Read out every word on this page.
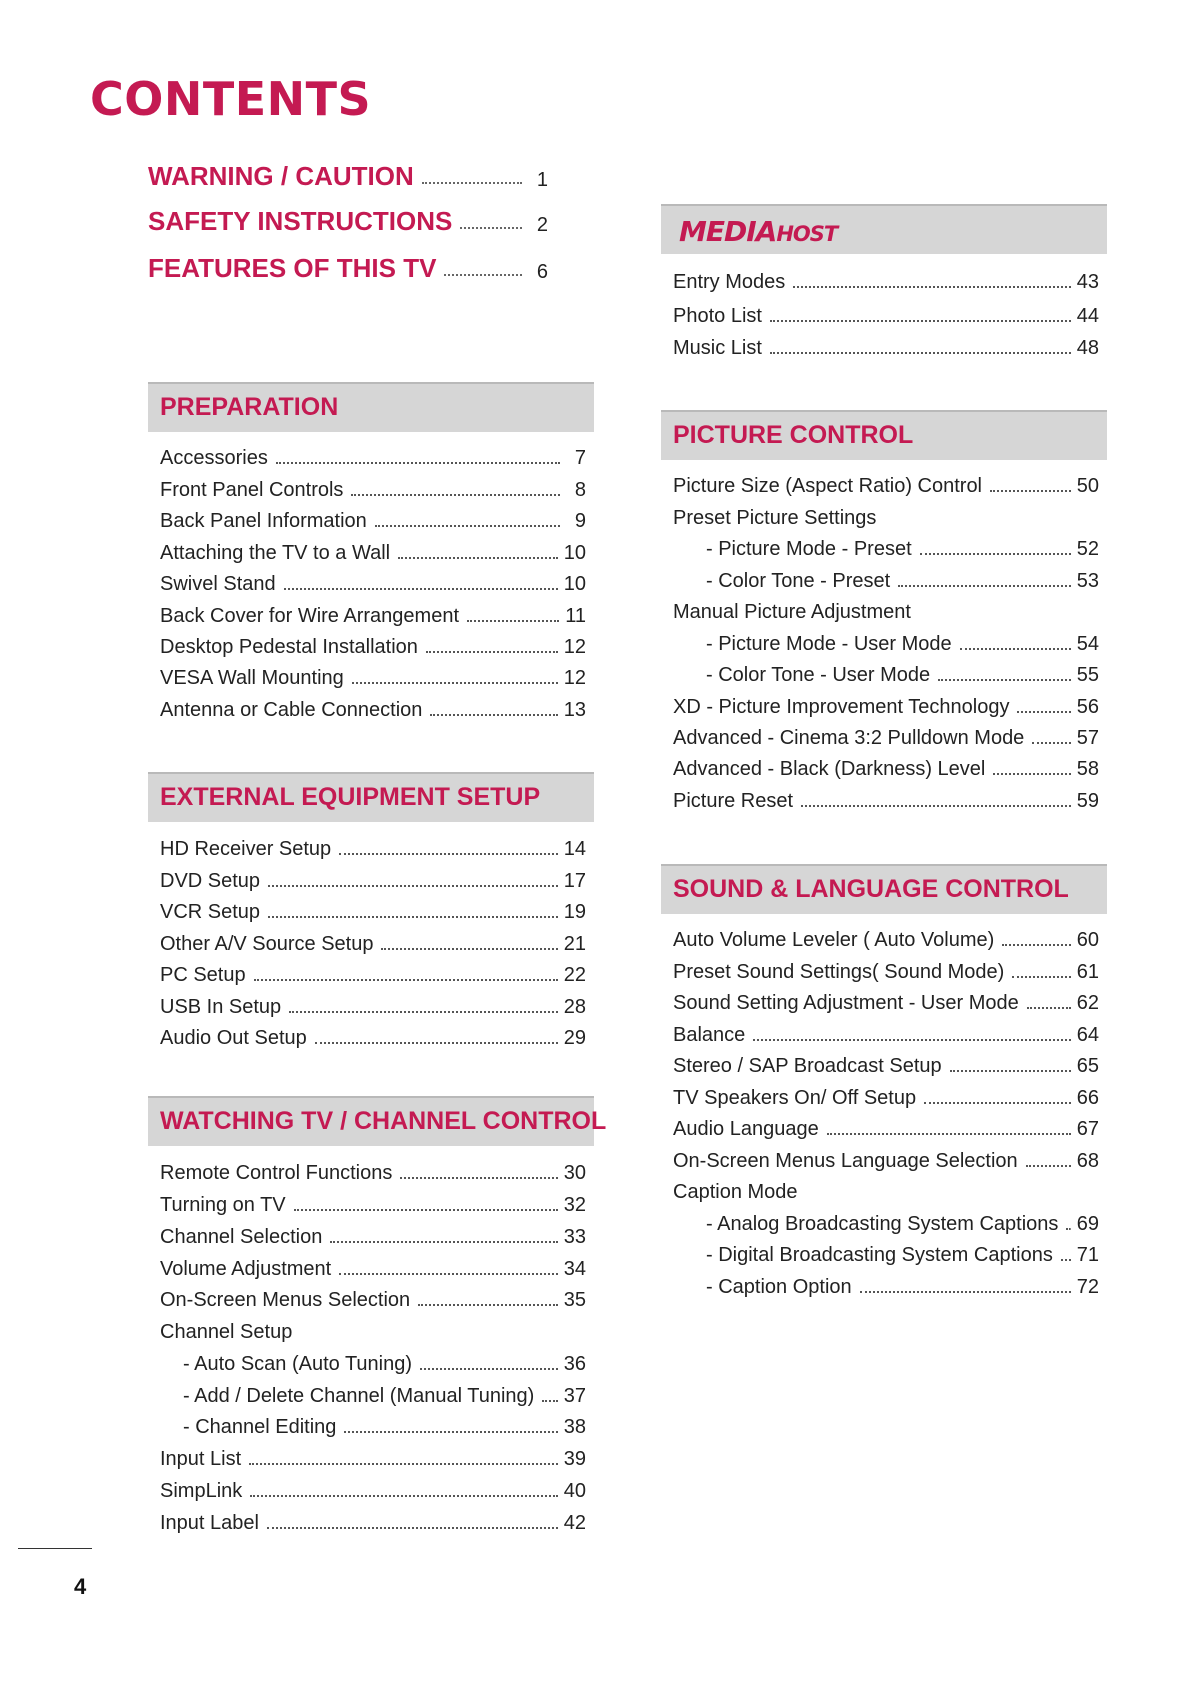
CONTENTS
WARNING / CAUTION	1
SAFETY INSTRUCTIONS	2
FEATURES OF THIS TV	6
PREPARATION
Accessories	7
Front Panel Controls	8
Back Panel Information	9
Attaching the TV to a Wall	10
Swivel Stand	10
Back Cover for Wire Arrangement	11
Desktop Pedestal Installation	12
VESA Wall Mounting	12
Antenna or Cable Connection	13
EXTERNAL EQUIPMENT SETUP
HD Receiver Setup	14
DVD Setup	17
VCR Setup	19
Other A/V Source Setup	21
PC Setup	22
USB In Setup	28
Audio Out Setup	29
WATCHING TV / CHANNEL CONTROL
Remote Control Functions	30
Turning on TV	32
Channel Selection	33
Volume Adjustment	34
On-Screen Menus Selection	35
Channel Setup
- Auto Scan (Auto Tuning)	36
- Add / Delete Channel (Manual Tuning) 37
- Channel Editing	38
Input List	39
SimpLink	40
Input Label	42
MEDIAHOST
Entry Modes	43
Photo List	44
Music List	48
PICTURE CONTROL
Picture Size (Aspect Ratio) Control	50
Preset Picture Settings
- Picture Mode - Preset	52
- Color Tone - Preset	53
Manual Picture Adjustment
- Picture Mode - User Mode	54
- Color Tone - User Mode	55
XD - Picture Improvement Technology	56
Advanced - Cinema 3:2 Pulldown Mode	57
Advanced - Black (Darkness) Level	58
Picture Reset	59
SOUND & LANGUAGE CONTROL
Auto Volume Leveler ( Auto Volume)	60
Preset Sound Settings( Sound Mode)	61
Sound Setting Adjustment - User Mode	62
Balance	64
Stereo / SAP Broadcast Setup	65
TV Speakers On/ Off Setup	66
Audio Language	67
On-Screen Menus Language Selection	68
Caption Mode
- Analog Broadcasting System Captions 69
- Digital Broadcasting System Captions 71
- Caption Option	72
4
